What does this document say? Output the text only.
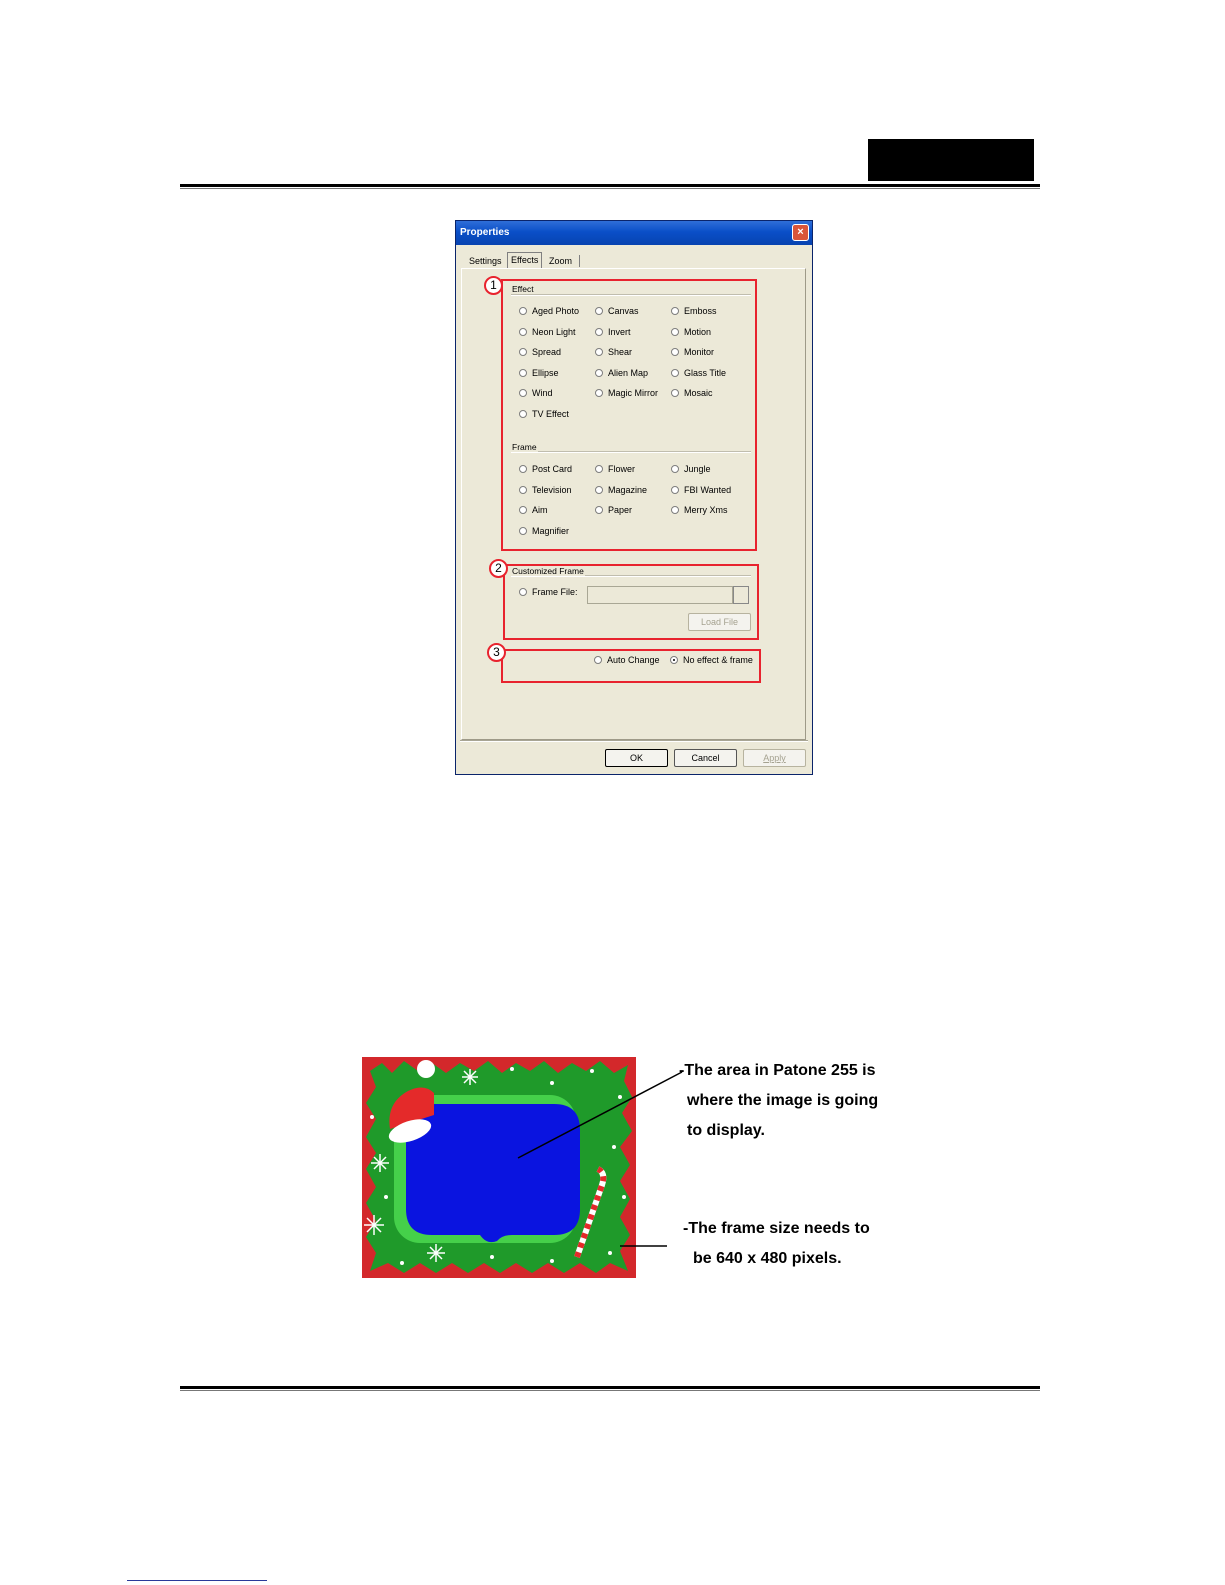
Properties	×
Settings	Effects	Zoom
1	Effect
Aged Photo	Canvas	Emboss
Neon Light	Invert	Motion
Spread	Shear	Monitor
Ellipse	Alien Map	Glass Title
Wind	Magic Mirror	Mosaic
TV Effect
Frame
Post Card	Flower	Jungle
Television	Magazine	FBI Wanted
Aim	Paper	Merry Xms
Magnifier
2	Customized Frame
Frame File:
Load File
3
Auto Change	No effect & frame
OK	Cancel	Apply
-The area in Patone 255 is
where the image is going
to display.
-The frame size needs to
be 640 x 480 pixels.
